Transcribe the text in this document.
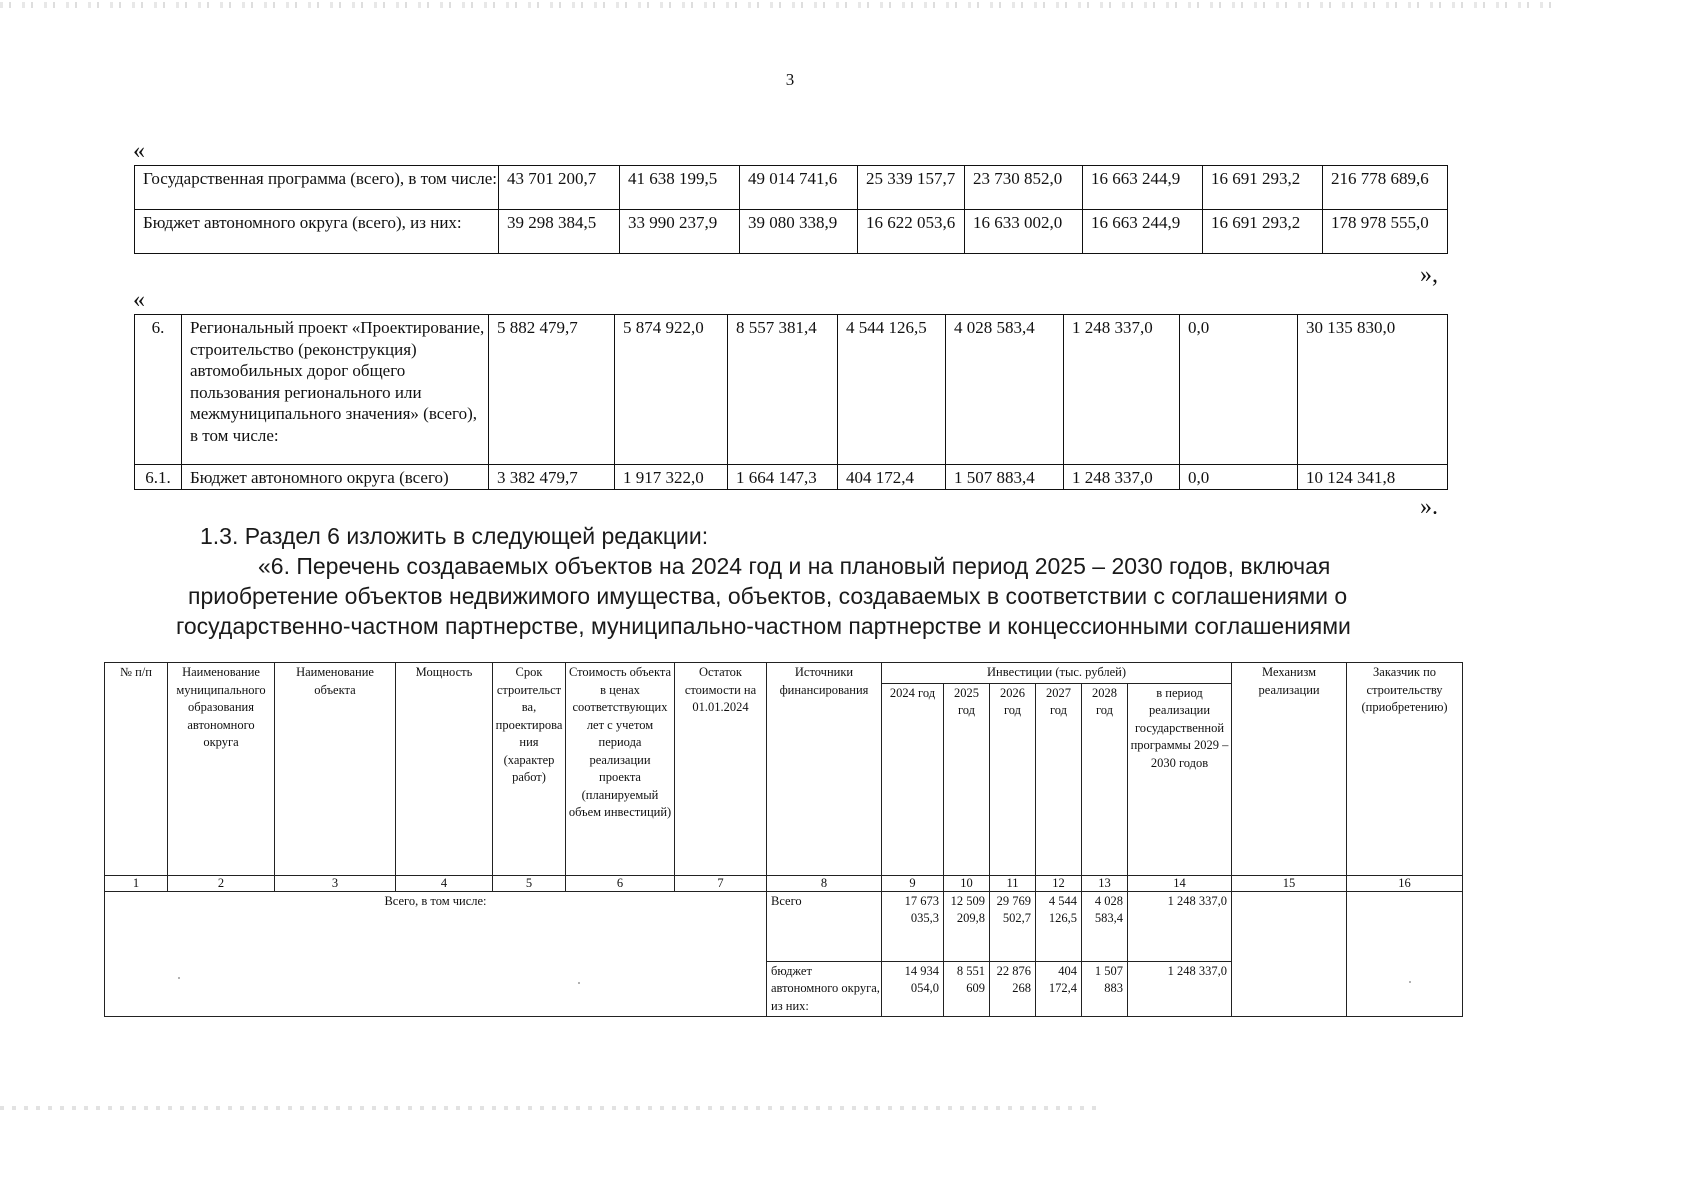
3
«
Государственная программа (всего), в том числе:	43 701 200,7	41 638 199,5	49 014 741,6	25 339 157,7	23 730 852,0	16 663 244,9	16 691 293,2	216 778 689,6
Бюджет автономного округа (всего), из них:	39 298 384,5	33 990 237,9	39 080 338,9	16 622 053,6	16 633 002,0	16 663 244,9	16 691 293,2	178 978 555,0
»,
«
6.	Региональный проект «Проектирование, строительство (реконструкция) автомобильных дорог общего пользования регионального или межмуниципального значения» (всего), в том числе:	5 882 479,7	5 874 922,0	8 557 381,4	4 544 126,5	4 028 583,4	1 248 337,0	0,0	30 135 830,0
6.1.	Бюджет автономного округа (всего)	3 382 479,7	1 917 322,0	1 664 147,3	404 172,4	1 507 883,4	1 248 337,0	0,0	10 124 341,8
».
1.3. Раздел 6 изложить в следующей редакции:
«6. Перечень создаваемых объектов на 2024 год и на плановый период 2025 – 2030 годов, включая
приобретение объектов недвижимого имущества, объектов, создаваемых в соответствии с соглашениями о
государственно-частном партнерстве, муниципально-частном партнерстве и концессионными соглашениями
№ п/п	Наименование муниципального образования автономного округа	Наименование объекта	Мощность	Срок строительства, проектирования (характер работ)	Стоимость объекта в ценах соответствующих лет с учетом периода реализации проекта (планируемый объем инвестиций)	Остаток стоимости на 01.01.2024	Источники финансирования	Инвестиции (тыс. рублей)						Механизм реализации	Заказчик по строительству (приобретению)
								2024 год	2025 год	2026 год	2027 год	2028 год	в период реализации государственной программы 2029 – 2030 годов		
1	2	3	4	5	6	7	8	9	10	11	12	13	14	15	16
Всего, в том числе:							Всего	17 673 035,3	12 509 209,8	29 769 502,7	4 544 126,5	4 028 583,4	1 248 337,0		
							бюджет автономного округа, из них:	14 934 054,0	8 551 609	22 876 268	404 172,4	1 507 883	1 248 337,0		
